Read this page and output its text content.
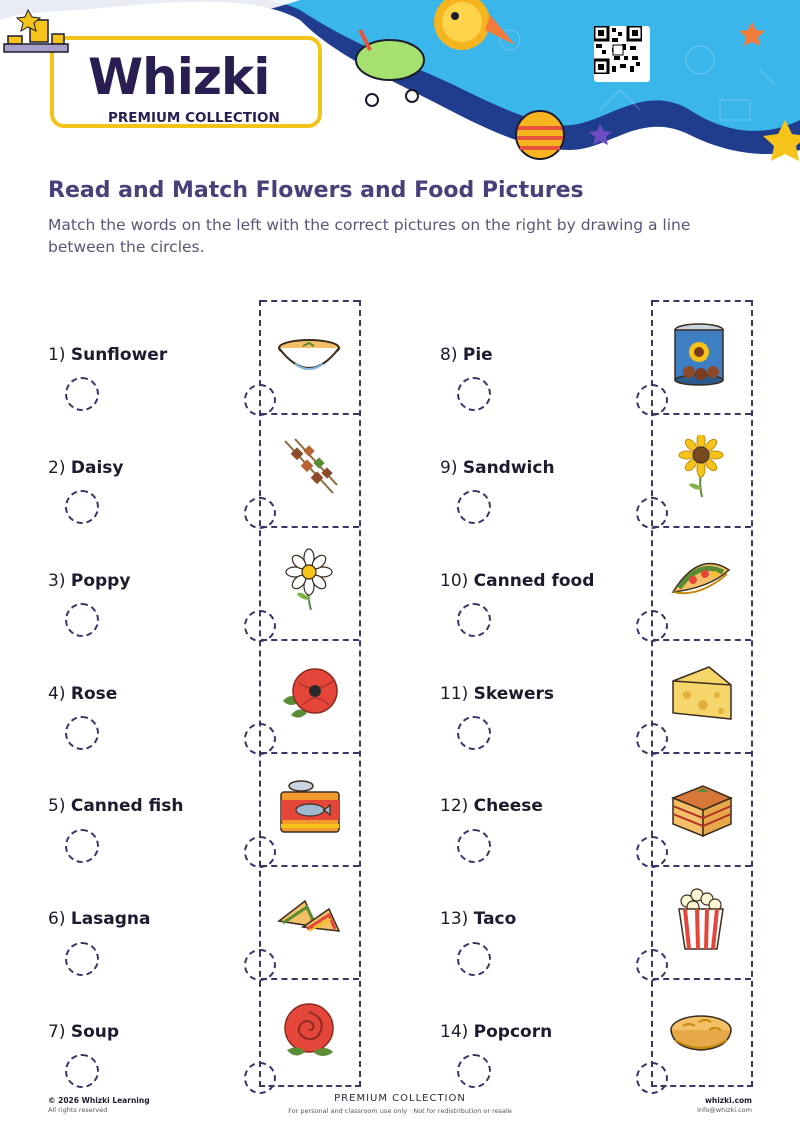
Whizki
PREMIUM COLLECTION
Read and Match Flowers and Food Pictures
Match the words on the left with the correct pictures on the right by drawing a line between the circles.
1) Sunflower
2) Daisy
3) Poppy
4) Rose
5) Canned fish
6) Lasagna
7) Soup
8) Pie
9) Sandwich
10) Canned food
11) Skewers
12) Cheese
13) Taco
14) Popcorn
© 2026 Whizki Learning
All rights reserved
PREMIUM COLLECTION
For personal and classroom use only · Not for redistribution or resale
whizki.com
info@whizki.com
